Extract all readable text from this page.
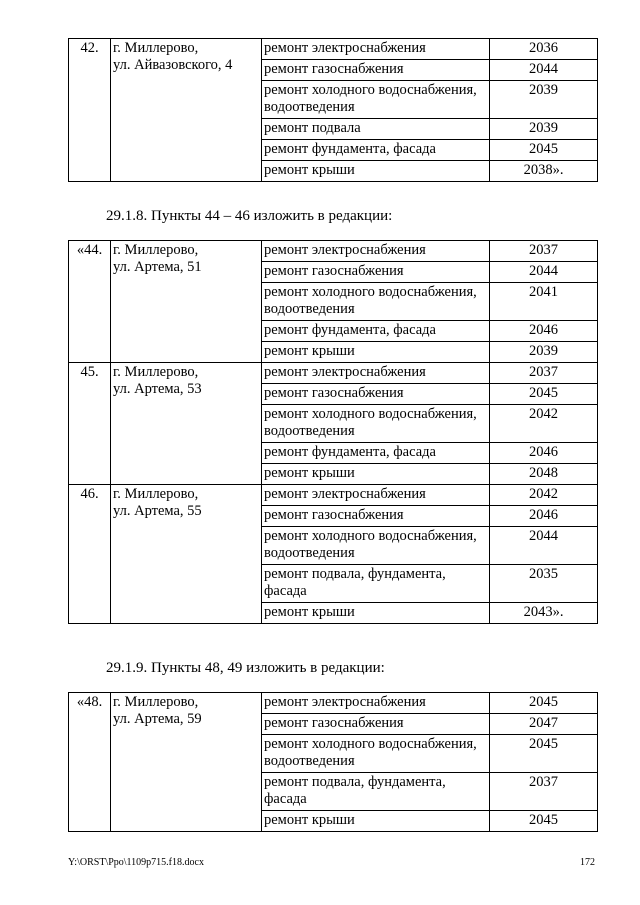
42.	г. Миллерово,
ул. Айвазовского, 4	ремонт электроснабжения	2036
		ремонт газоснабжения	2044
		ремонт холодного водоснабжения, водоотведения	2039
		ремонт подвала	2039
		ремонт фундамента, фасада	2045
		ремонт крыши	2038».
29.1.8. Пункты 44 – 46 изложить в редакции:
«44.	г. Миллерово,
ул. Артема, 51	ремонт электроснабжения	2037
		ремонт газоснабжения	2044
		ремонт холодного водоснабжения, водоотведения	2041
		ремонт фундамента, фасада	2046
		ремонт крыши	2039
45.	г. Миллерово,
ул. Артема, 53	ремонт электроснабжения	2037
		ремонт газоснабжения	2045
		ремонт холодного водоснабжения, водоотведения	2042
		ремонт фундамента, фасада	2046
		ремонт крыши	2048
46.	г. Миллерово,
ул. Артема, 55	ремонт электроснабжения	2042
		ремонт газоснабжения	2046
		ремонт холодного водоснабжения, водоотведения	2044
		ремонт подвала, фундамента, фасада	2035
		ремонт крыши	2043».
29.1.9. Пункты 48, 49 изложить в редакции:
«48.	г. Миллерово,
ул. Артема, 59	ремонт электроснабжения	2045
		ремонт газоснабжения	2047
		ремонт холодного водоснабжения, водоотведения	2045
		ремонт подвала, фундамента, фасада	2037
		ремонт крыши	2045
Y:\ORST\Ppo\1109p715.f18.docx	172
